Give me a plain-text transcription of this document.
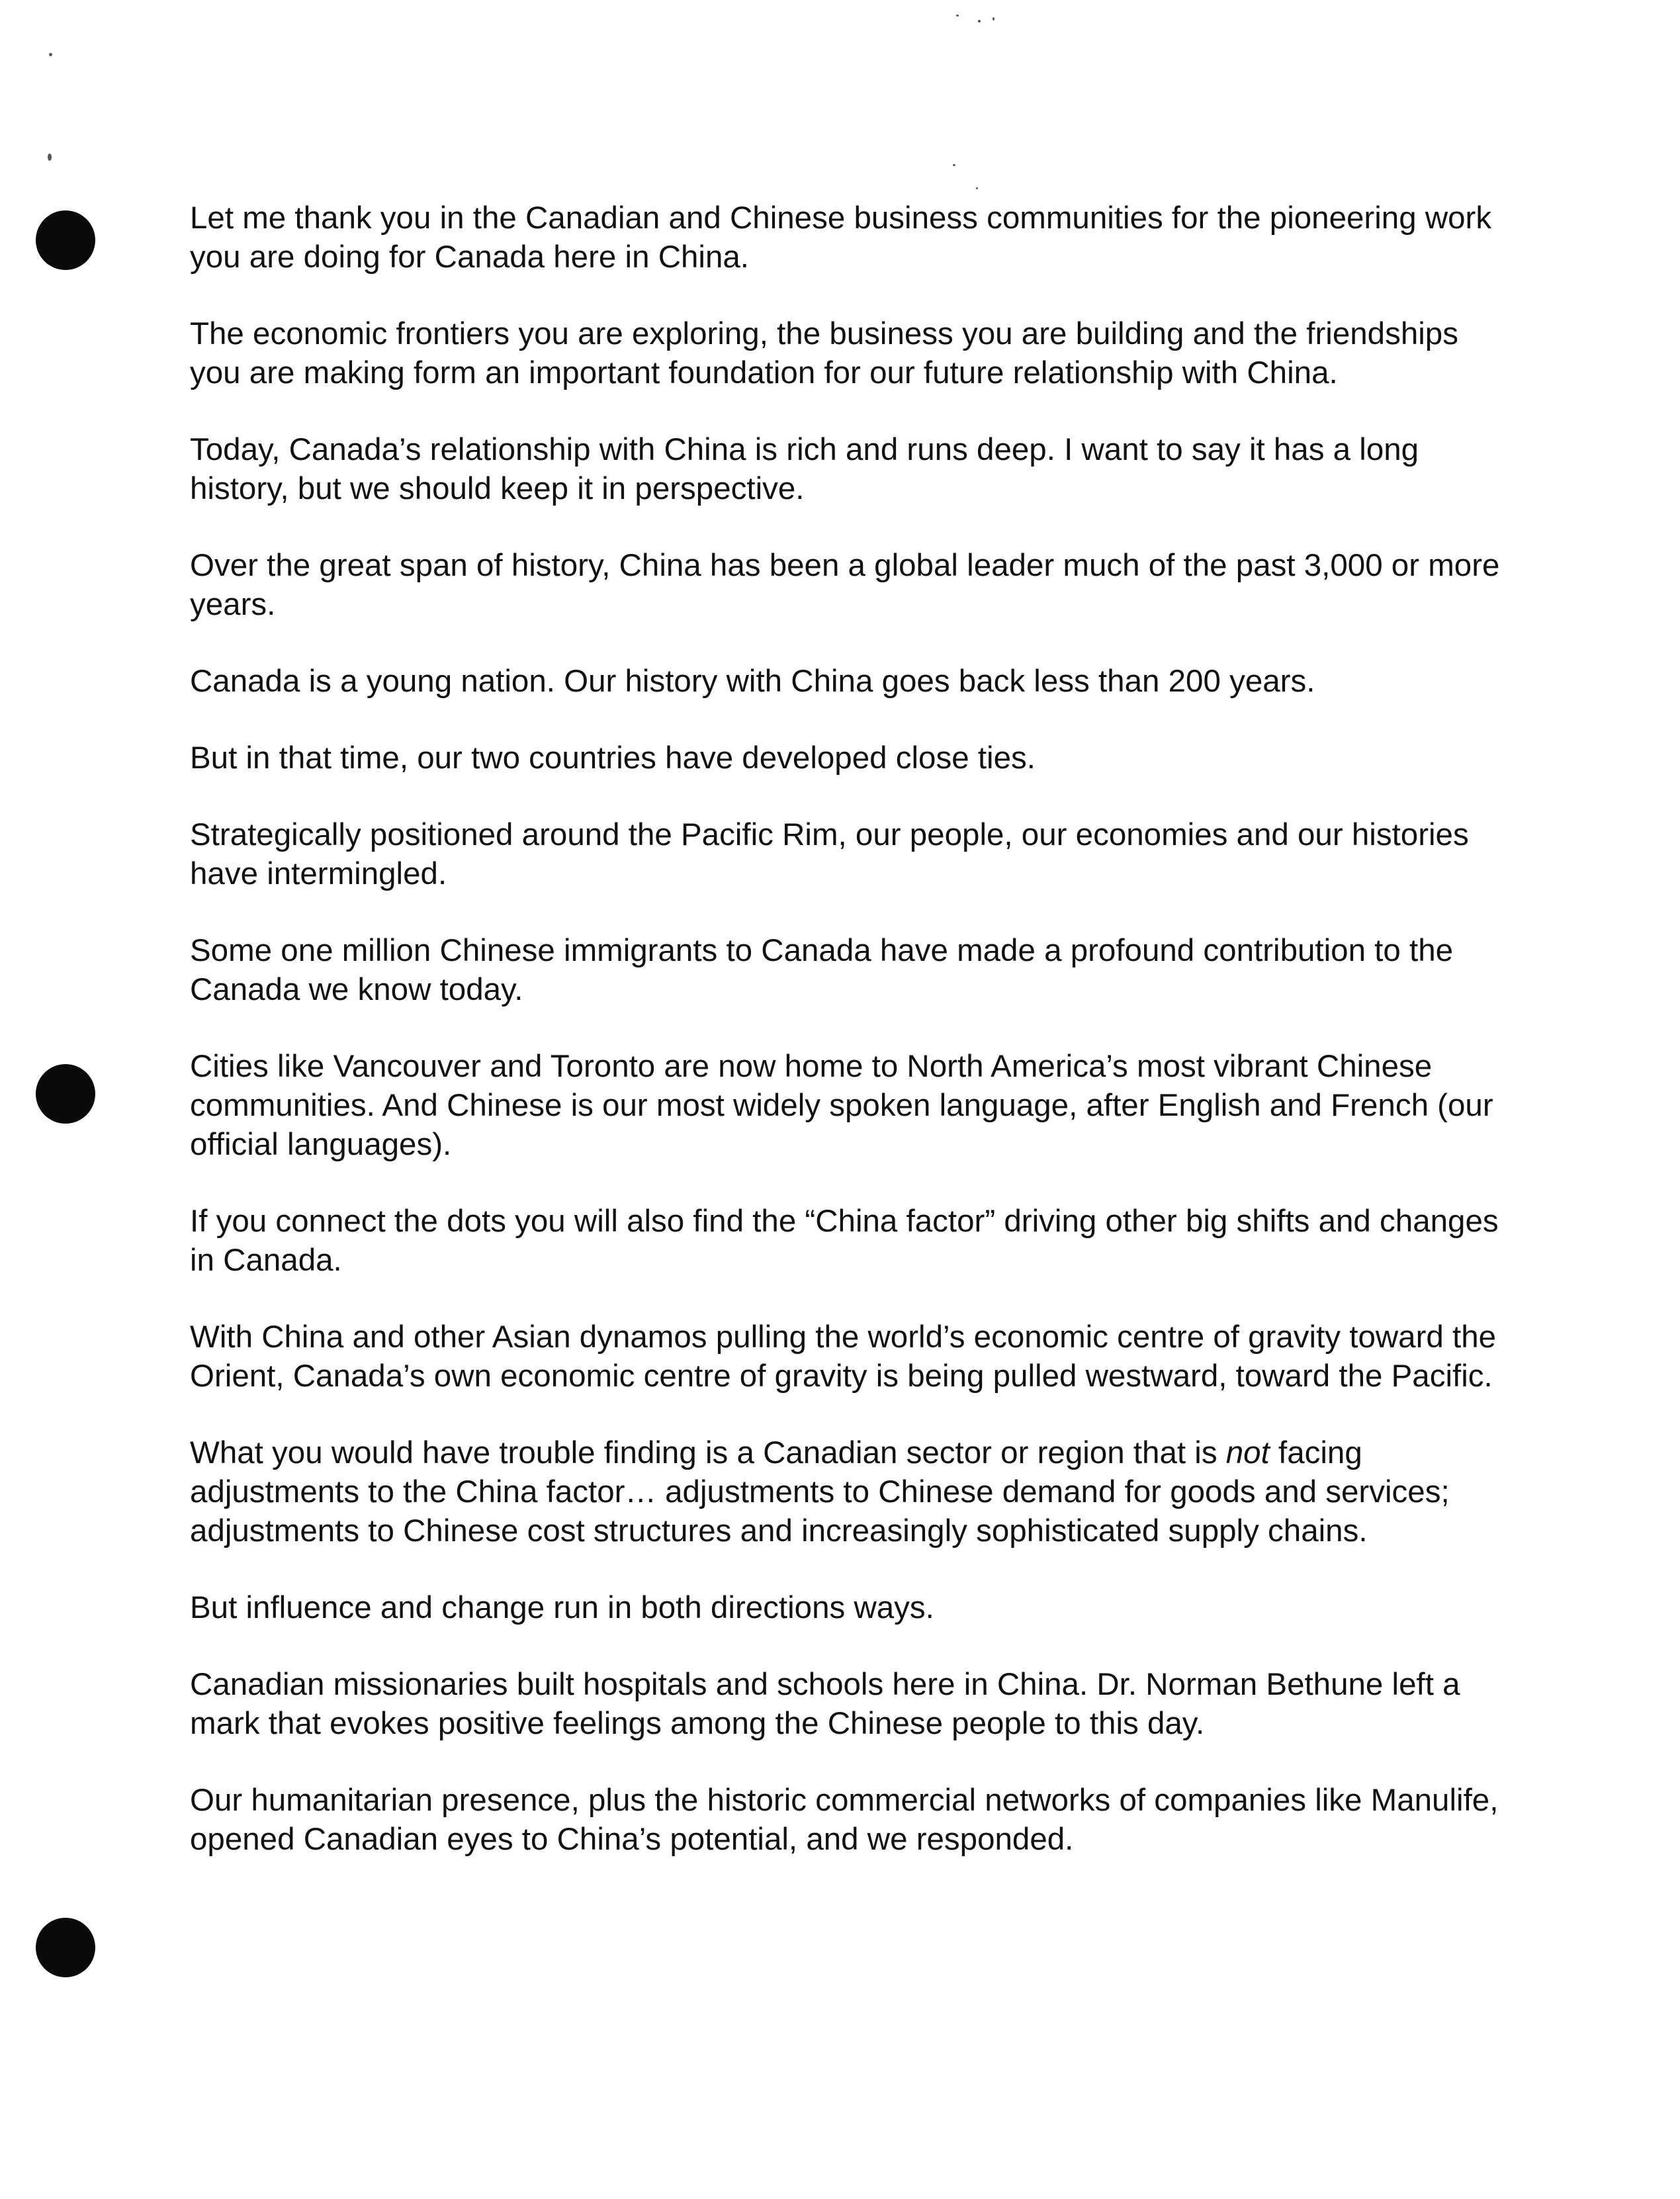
Let me thank you in the Canadian and Chinese business communities for the pioneering work you are doing for Canada here in China.

The economic frontiers you are exploring, the business you are building and the friendships you are making form an important foundation for our future relationship with China.

Today, Canada’s relationship with China is rich and runs deep. I want to say it has a long history, but we should keep it in perspective.

Over the great span of history, China has been a global leader much of the past 3,000 or more years.

Canada is a young nation. Our history with China goes back less than 200 years.

But in that time, our two countries have developed close ties.

Strategically positioned around the Pacific Rim, our people, our economies and our histories have intermingled.

Some one million Chinese immigrants to Canada have made a profound contribution to the Canada we know today.

Cities like Vancouver and Toronto are now home to North America’s most vibrant Chinese communities. And Chinese is our most widely spoken language, after English and French (our official languages).

If you connect the dots you will also find the “China factor” driving other big shifts and changes in Canada.

With China and other Asian dynamos pulling the world’s economic centre of gravity toward the Orient, Canada’s own economic centre of gravity is being pulled westward, toward the Pacific.

What you would have trouble finding is a Canadian sector or region that is not facing adjustments to the China factor… adjustments to Chinese demand for goods and services; adjustments to Chinese cost structures and increasingly sophisticated supply chains.

But influence and change run in both directions ways.

Canadian missionaries built hospitals and schools here in China. Dr. Norman Bethune left a mark that evokes positive feelings among the Chinese people to this day.

Our humanitarian presence, plus the historic commercial networks of companies like Manulife, opened Canadian eyes to China’s potential, and we responded.
